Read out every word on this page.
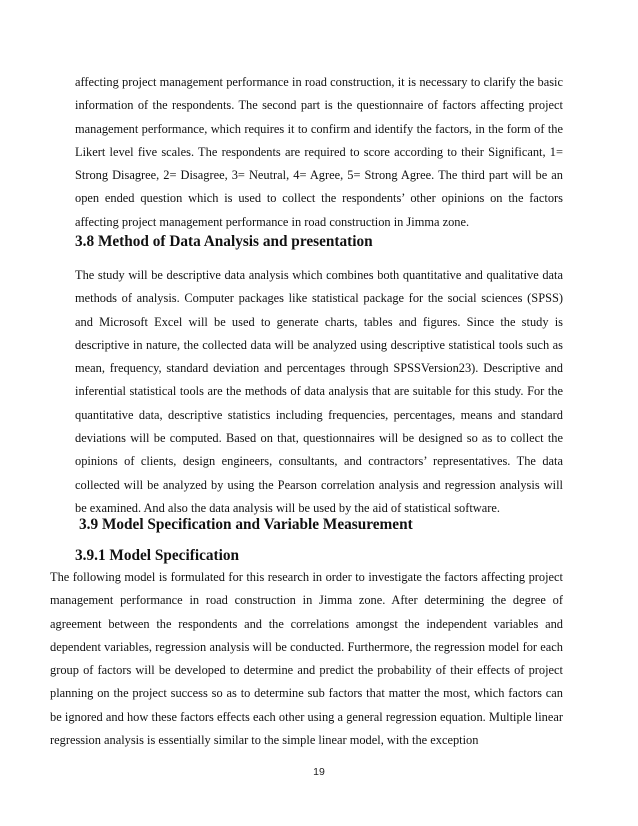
affecting project management performance in road construction, it is necessary to clarify the basic information of the respondents. The second part is the questionnaire of factors affecting project management performance, which requires it to confirm and identify the factors, in the form of the Likert level five scales. The respondents are required to score according to their Significant, 1= Strong Disagree, 2= Disagree, 3= Neutral, 4= Agree, 5= Strong Agree. The third part will be an open ended question which is used to collect the respondents’ other opinions on the factors affecting project management performance in road construction in Jimma zone.

3.8 Method of Data Analysis and presentation

The study will be descriptive data analysis which combines both quantitative and qualitative data methods of analysis. Computer packages like statistical package for the social sciences (SPSS) and Microsoft Excel will be used to generate charts, tables and figures. Since the study is descriptive in nature, the collected data will be analyzed using descriptive statistical tools such as mean, frequency, standard deviation and percentages through SPSSVersion23). Descriptive and inferential statistical tools are the methods of data analysis that are suitable for this study. For the quantitative data, descriptive statistics including frequencies, percentages, means and standard deviations will be computed. Based on that, questionnaires will be designed so as to collect the opinions of clients, design engineers, consultants, and contractors’ representatives. The data collected will be analyzed by using the Pearson correlation analysis and regression analysis will be examined. And also the data analysis will be used by the aid of statistical software.

3.9 Model Specification and Variable Measurement
3.9.1 Model Specification

The following model is formulated for this research in order to investigate the factors affecting project management performance in road construction in Jimma zone. After determining the degree of agreement between the respondents and the correlations amongst the independent variables and dependent variables, regression analysis will be conducted. Furthermore, the regression model for each group of factors will be developed to determine and predict the probability of their effects of project planning on the project success so as to determine sub factors that matter the most, which factors can be ignored and how these factors effects each other using a general regression equation. Multiple linear regression analysis is essentially similar to the simple linear model, with the exception

19
